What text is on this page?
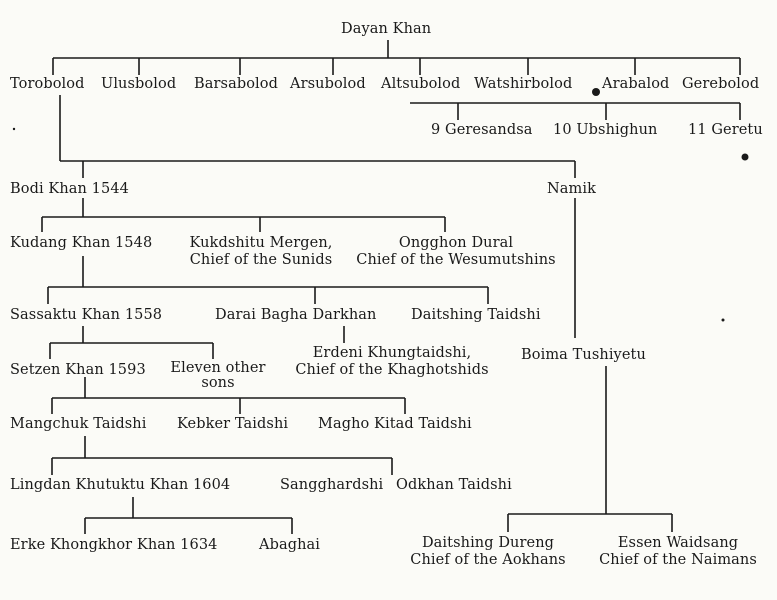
Dayan Khan
Torobolod Ulusbolod Barsabolod Arsubolod Altsubolod Watshirbolod Arabalod Gerebolod
9 Geresandsa 10 Ubshighun 11 Geretu
Bodi Khan 1544	Namik
Kudang Khan 1548	Kukdshitu Mergen,
Chief of the Sunids
Ongghon Dural
Chief of the Wesumutshins
Sassaktu Khan 1558	Darai Bagha Darkhan Daitshing Taidshi
Boima Tushiyetu
Setzen Khan 1593	Eleven other
sons
Erdeni Khungtaidshi,
Chief of the Khaghotshids
Mangchuk Taidshi Kebker Taidshi Magho Kitad Taidshi
Lingdan Khutuktu Khan 1604	Sangghardshi Odkhan Taidshi
Erke Khongkhor Khan 1634	Abaghai	Daitshing Dureng
Chief of the Aokhans
Essen Waidsang
Chief of the Naimans
